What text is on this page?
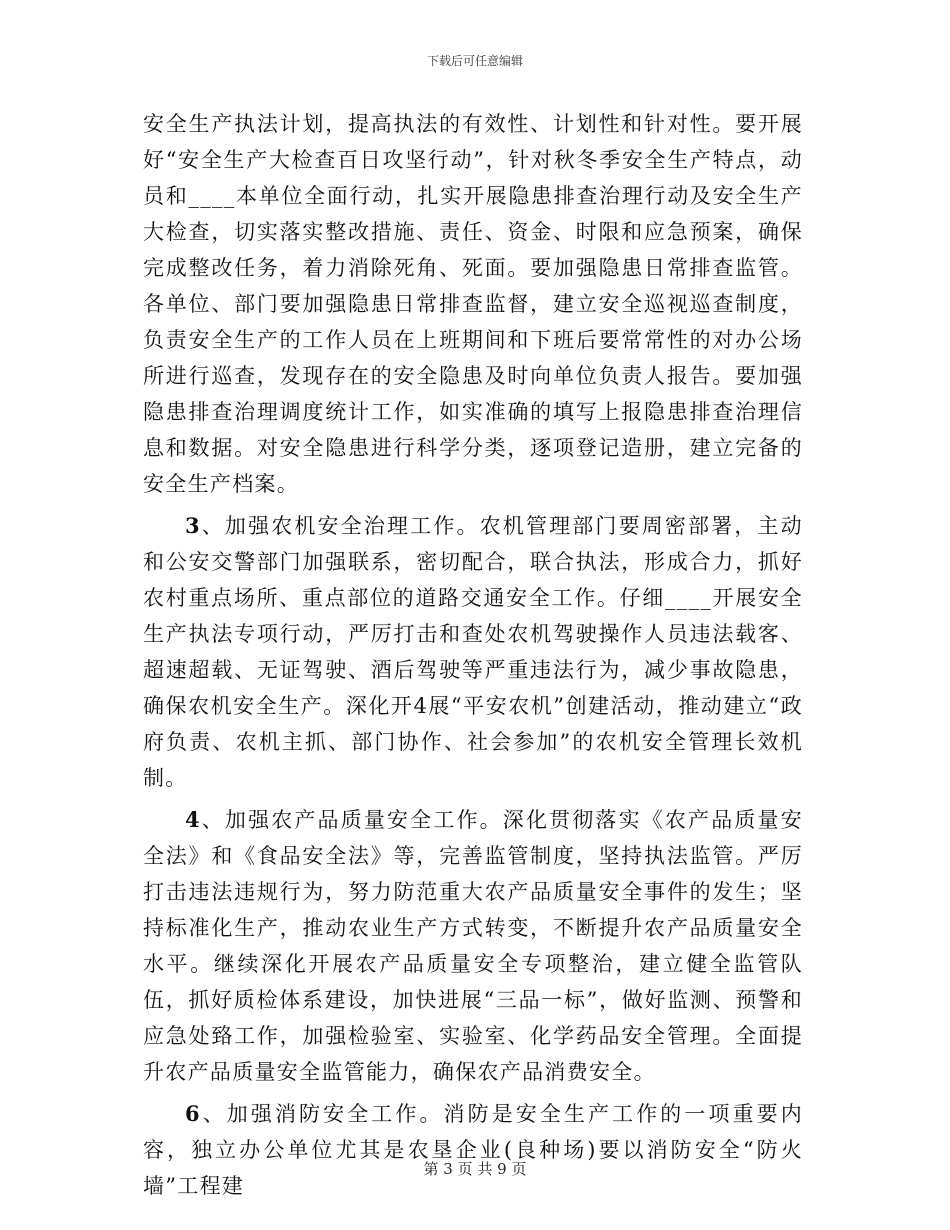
下载后可任意编辑

安全生产执法计划，提高执法的有效性、计划性和针对性。要开展好“安全生产大检查百日攻坚行动”，针对秋冬季安全生产特点，动员和____本单位全面行动，扎实开展隐患排查治理行动及安全生产大检查，切实落实整改措施、责任、资金、时限和应急预案，确保完成整改任务，着力消除死角、死面。要加强隐患日常排查监管。各单位、部门要加强隐患日常排查监督，建立安全巡视巡查制度，负责安全生产的工作人员在上班期间和下班后要常常性的对办公场所进行巡查，发现存在的安全隐患及时向单位负责人报告。要加强隐患排查治理调度统计工作，如实准确的填写上报隐患排查治理信息和数据。对安全隐患进行科学分类，逐项登记造册，建立完备的安全生产档案。

3、加强农机安全治理工作。农机管理部门要周密部署，主动和公安交警部门加强联系，密切配合，联合执法，形成合力，抓好农村重点场所、重点部位的道路交通安全工作。仔细____开展安全生产执法专项行动，严厉打击和查处农机驾驶操作人员违法载客、超速超载、无证驾驶、酒后驾驶等严重违法行为，减少事故隐患，确保农机安全生产。深化开4展“平安农机”创建活动，推动建立“政府负责、农机主抓、部门协作、社会参加”的农机安全管理长效机制。

4、加强农产品质量安全工作。深化贯彻落实《农产品质量安全法》和《食品安全法》等，完善监管制度，坚持执法监管。严厉打击违法违规行为，努力防范重大农产品质量安全事件的发生；坚持标准化生产，推动农业生产方式转变，不断提升农产品质量安全水平。继续深化开展农产品质量安全专项整治，建立健全监管队伍，抓好质检体系建设，加快进展“三品一标”，做好监测、预警和应急处臵工作，加强检验室、实验室、化学药品安全管理。全面提升农产品质量安全监管能力，确保农产品消费安全。

6、加强消防安全工作。消防是安全生产工作的一项重要内容，独立办公单位尤其是农垦企业(良种场)要以消防安全“防火墙”工程建

第 3 页 共 9 页
